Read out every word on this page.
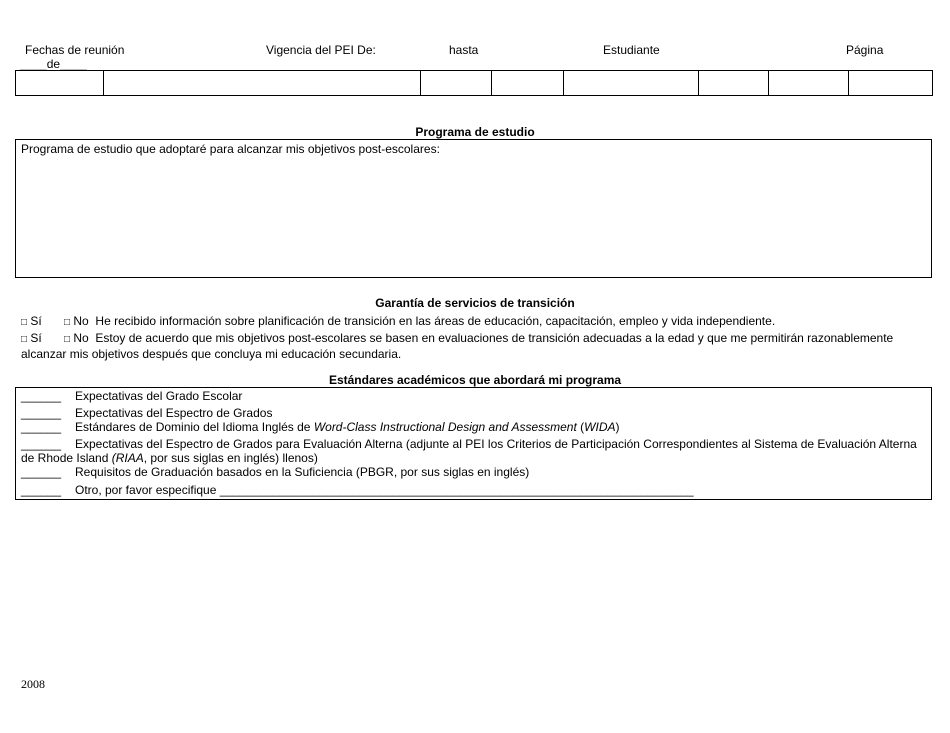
Fechas de reunión
____de____
Vigencia del PEI De:	hasta	Estudiante	Página

Programa de estudio
Programa de estudio que adoptaré para alcanzar mis objetivos post-escolares:
Garantía de servicios de transición
□ Sí □ No He recibido información sobre planificación de transición en las áreas de educación, capacitación, empleo y vida independiente.
□ Sí □ No Estoy de acuerdo que mis objetivos post-escolares se basen en evaluaciones de transición adecuadas a la edad y que me permitirán razonablemente alcanzar mis objetivos después que concluya mi educación secundaria.
Estándares académicos que abordará mi programa
______ Expectativas del Grado Escolar
______ Expectativas del Espectro de Grados
______ Estándares de Dominio del Idioma Inglés de Word-Class Instructional Design and Assessment (WIDA)
______ Expectativas del Espectro de Grados para Evaluación Alterna (adjunte al PEI los Criterios de Participación Correspondientes al Sistema de Evaluación Alterna de Rhode Island (RIAA, por sus siglas en inglés) llenos)
______ Requisitos de Graduación basados en la Suficiencia (PBGR, por sus siglas en inglés)
______ Otro, por favor especifique _______________________________________________________________________
2008
